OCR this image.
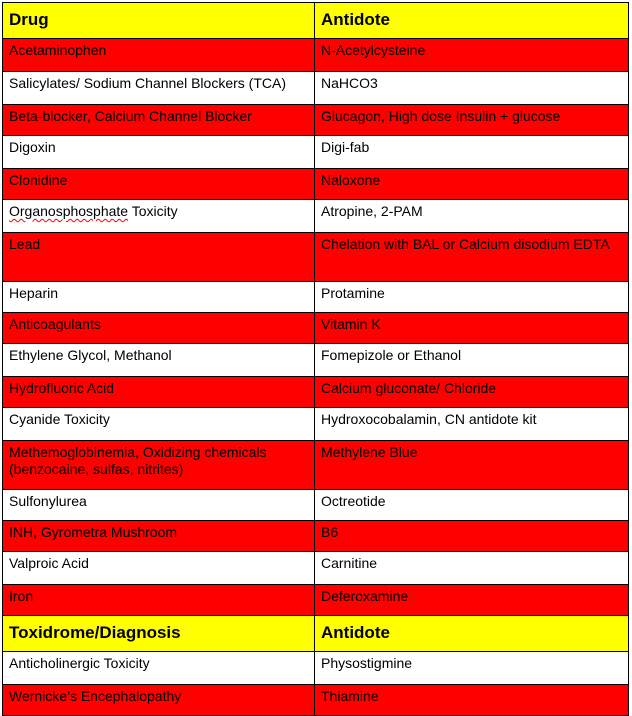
Drug	Antidote
Acetaminophen	N-Acetylcysteine
Salicylates/ Sodium Channel Blockers (TCA)	NaHCO3
Beta-blocker, Calcium Channel Blocker	Glucagon, High dose Insulin + glucose
Digoxin	Digi-fab
Clonidine	Naloxone
Organosphosphate Toxicity	Atropine, 2-PAM
Lead	Chelation with BAL or Calcium disodium EDTA
Heparin	Protamine
Anticoagulants	Vitamin K
Ethylene Glycol, Methanol	Fomepizole or Ethanol
Hydrofluoric Acid	Calcium gluconate/ Chloride
Cyanide Toxicity	Hydroxocobalamin, CN antidote kit
Methemoglobinemia, Oxidizing chemicals (benzocaine, sulfas, nitrites)	Methylene Blue
Sulfonylurea	Octreotide
INH, Gyrometra Mushroom	B6
Valproic Acid	Carnitine
Iron	Deferoxamine
Toxidrome/Diagnosis	Antidote
Anticholinergic Toxicity	Physostigmine
Wernicke’s Encephalopathy	Thiamine
